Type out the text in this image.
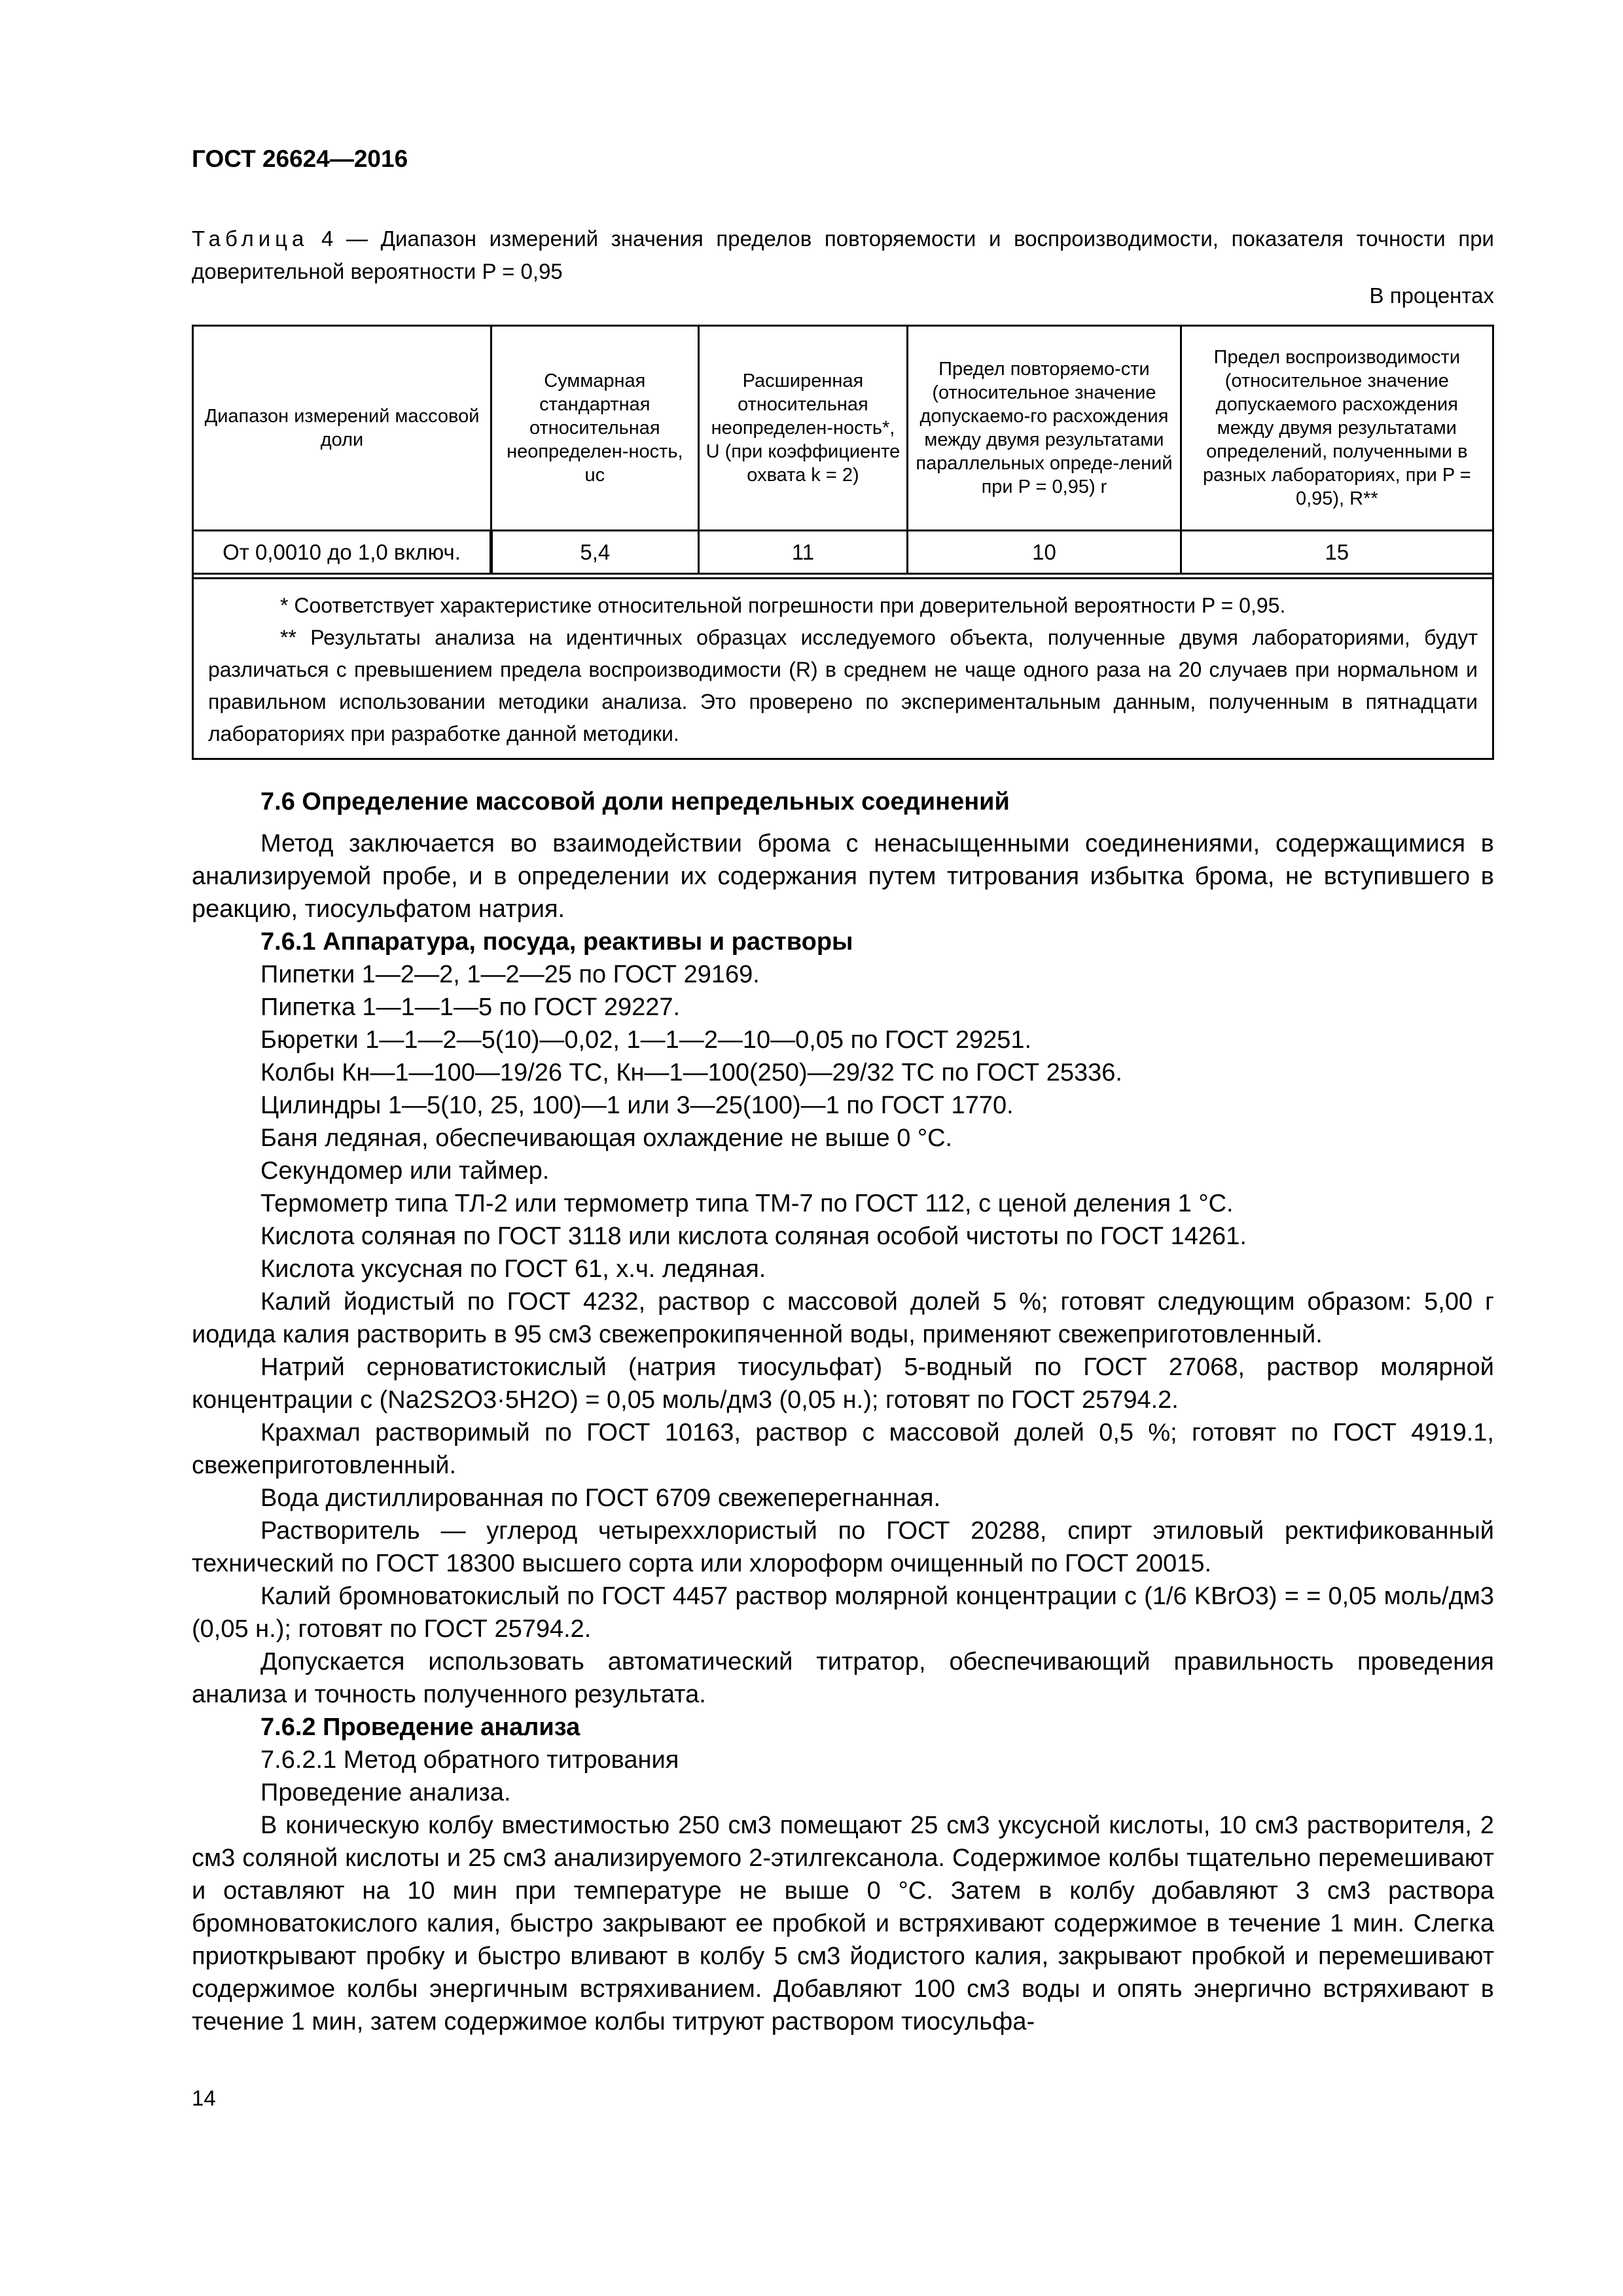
ГОСТ 26624—2016
Таблица 4 — Диапазон измерений значения пределов повторяемости и воспроизводимости, показателя точности при доверительной вероятности P = 0,95
В процентах
Диапазон измерений массовой доли	Суммарная стандартная относительная неопределен-ность, uc	Расширенная относительная неопределен-ность*, U (при коэффициенте охвата k = 2)	Предел повторяемо-сти (относительное значение допускаемо-го расхождения между двумя результатами параллельных опреде-лений при P = 0,95) r	Предел воспроизводимости (относительное значение допускаемого расхождения между двумя результатами определений, полученными в разных лабораториях, при P = 0,95), R**
От 0,0010 до 1,0 включ.	5,4	11	10	15

* Соответствует характеристике относительной погрешности при доверительной вероятности P = 0,95.

** Результаты анализа на идентичных образцах исследуемого объекта, полученные двумя лабораториями, будут различаться с превышением предела воспроизводимости (R) в среднем не чаще одного раза на 20 случаев при нормальном и правильном использовании методики анализа. Это проверено по экспериментальным данным, полученным в пятнадцати лабораториях при разработке данной методики.				

7.6 Определение массовой доли непредельных соединений

Метод заключается во взаимодействии брома с ненасыщенными соединениями, содержащимися в анализируемой пробе, и в определении их содержания путем титрования избытка брома, не вступившего в реакцию, тиосульфатом натрия.

7.6.1 Аппаратура, посуда, реактивы и растворы

Пипетки 1—2—2, 1—2—25 по ГОСТ 29169.

Пипетка 1—1—1—5 по ГОСТ 29227.

Бюретки 1—1—2—5(10)—0,02, 1—1—2—10—0,05 по ГОСТ 29251.

Колбы Кн—1—100—19/26 ТС, Кн—1—100(250)—29/32 ТС по ГОСТ 25336.

Цилиндры 1—5(10, 25, 100)—1 или 3—25(100)—1 по ГОСТ 1770.

Баня ледяная, обеспечивающая охлаждение не выше 0 °С.

Секундомер или таймер.

Термометр типа ТЛ-2 или термометр типа ТМ-7 по ГОСТ 112, с ценой деления 1 °С.

Кислота соляная по ГОСТ 3118 или кислота соляная особой чистоты по ГОСТ 14261.

Кислота уксусная по ГОСТ 61, х.ч. ледяная.

Калий йодистый по ГОСТ 4232, раствор с массовой долей 5 %; готовят следующим образом: 5,00 г иодида калия растворить в 95 см3 свежепрокипяченной воды, применяют свежеприготовленный.

Натрий серноватистокислый (натрия тиосульфат) 5-водный по ГОСТ 27068, раствор молярной концентрации c (Na2S2O3·5H2O) = 0,05 моль/дм3 (0,05 н.); готовят по ГОСТ 25794.2.

Крахмал растворимый по ГОСТ 10163, раствор с массовой долей 0,5 %; готовят по ГОСТ 4919.1, свежеприготовленный.

Вода дистиллированная по ГОСТ 6709 свежеперегнанная.

Растворитель — углерод четыреххлористый по ГОСТ 20288, спирт этиловый ректификованный технический по ГОСТ 18300 высшего сорта или хлороформ очищенный по ГОСТ 20015.

Калий бромноватокислый по ГОСТ 4457 раствор молярной концентрации c (1/6 KBrO3) = = 0,05 моль/дм3 (0,05 н.); готовят по ГОСТ 25794.2.

Допускается использовать автоматический титратор, обеспечивающий правильность проведения анализа и точность полученного результата.

7.6.2 Проведение анализа

7.6.2.1 Метод обратного титрования

Проведение анализа.

В коническую колбу вместимостью 250 см3 помещают 25 см3 уксусной кислоты, 10 см3 растворителя, 2 см3 соляной кислоты и 25 см3 анализируемого 2-этилгексанола. Содержимое колбы тщательно перемешивают и оставляют на 10 мин при температуре не выше 0 °С. Затем в колбу добавляют 3 см3 раствора бромноватокислого калия, быстро закрывают ее пробкой и встряхивают содержимое в течение 1 мин. Слегка приоткрывают пробку и быстро вливают в колбу 5 см3 йодистого калия, закрывают пробкой и перемешивают содержимое колбы энергичным встряхиванием. Добавляют 100 см3 воды и опять энергично встряхивают в течение 1 мин, затем содержимое колбы титруют раствором тиосульфа-

14
